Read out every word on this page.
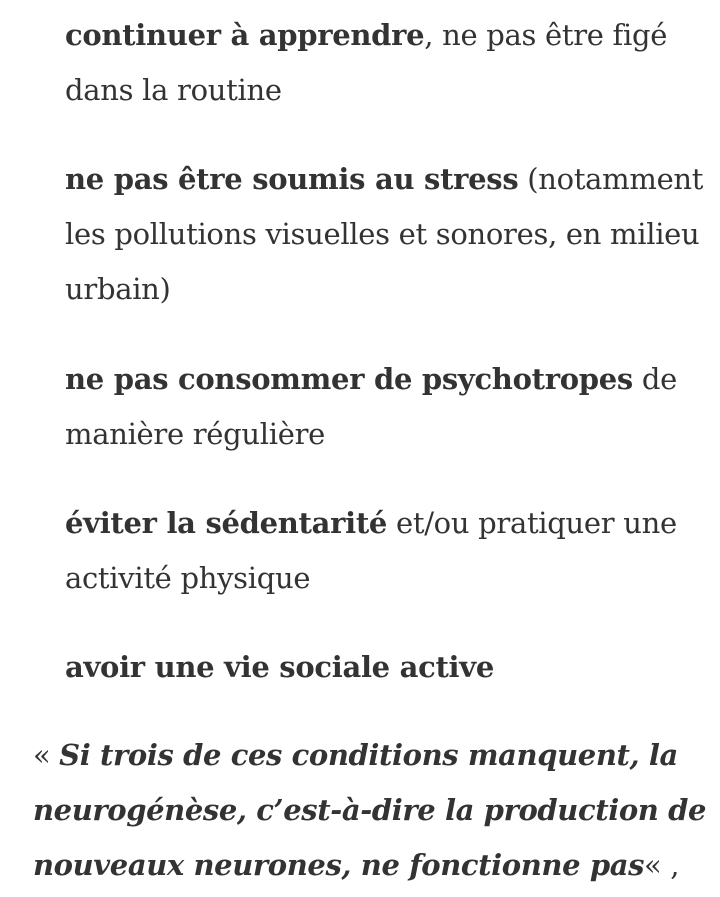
continuer à apprendre, ne pas être figé dans la routine
ne pas être soumis au stress (notamment les pollutions visuelles et sonores, en milieu urbain)
ne pas consommer de psychotropes de manière régulière
éviter la sédentarité et/ou pratiquer une activité physique
avoir une vie sociale active

« Si trois de ces conditions manquent, la neurogénèse, c’est-à-dire la production de nouveaux neurones, ne fonctionne pas« ,
